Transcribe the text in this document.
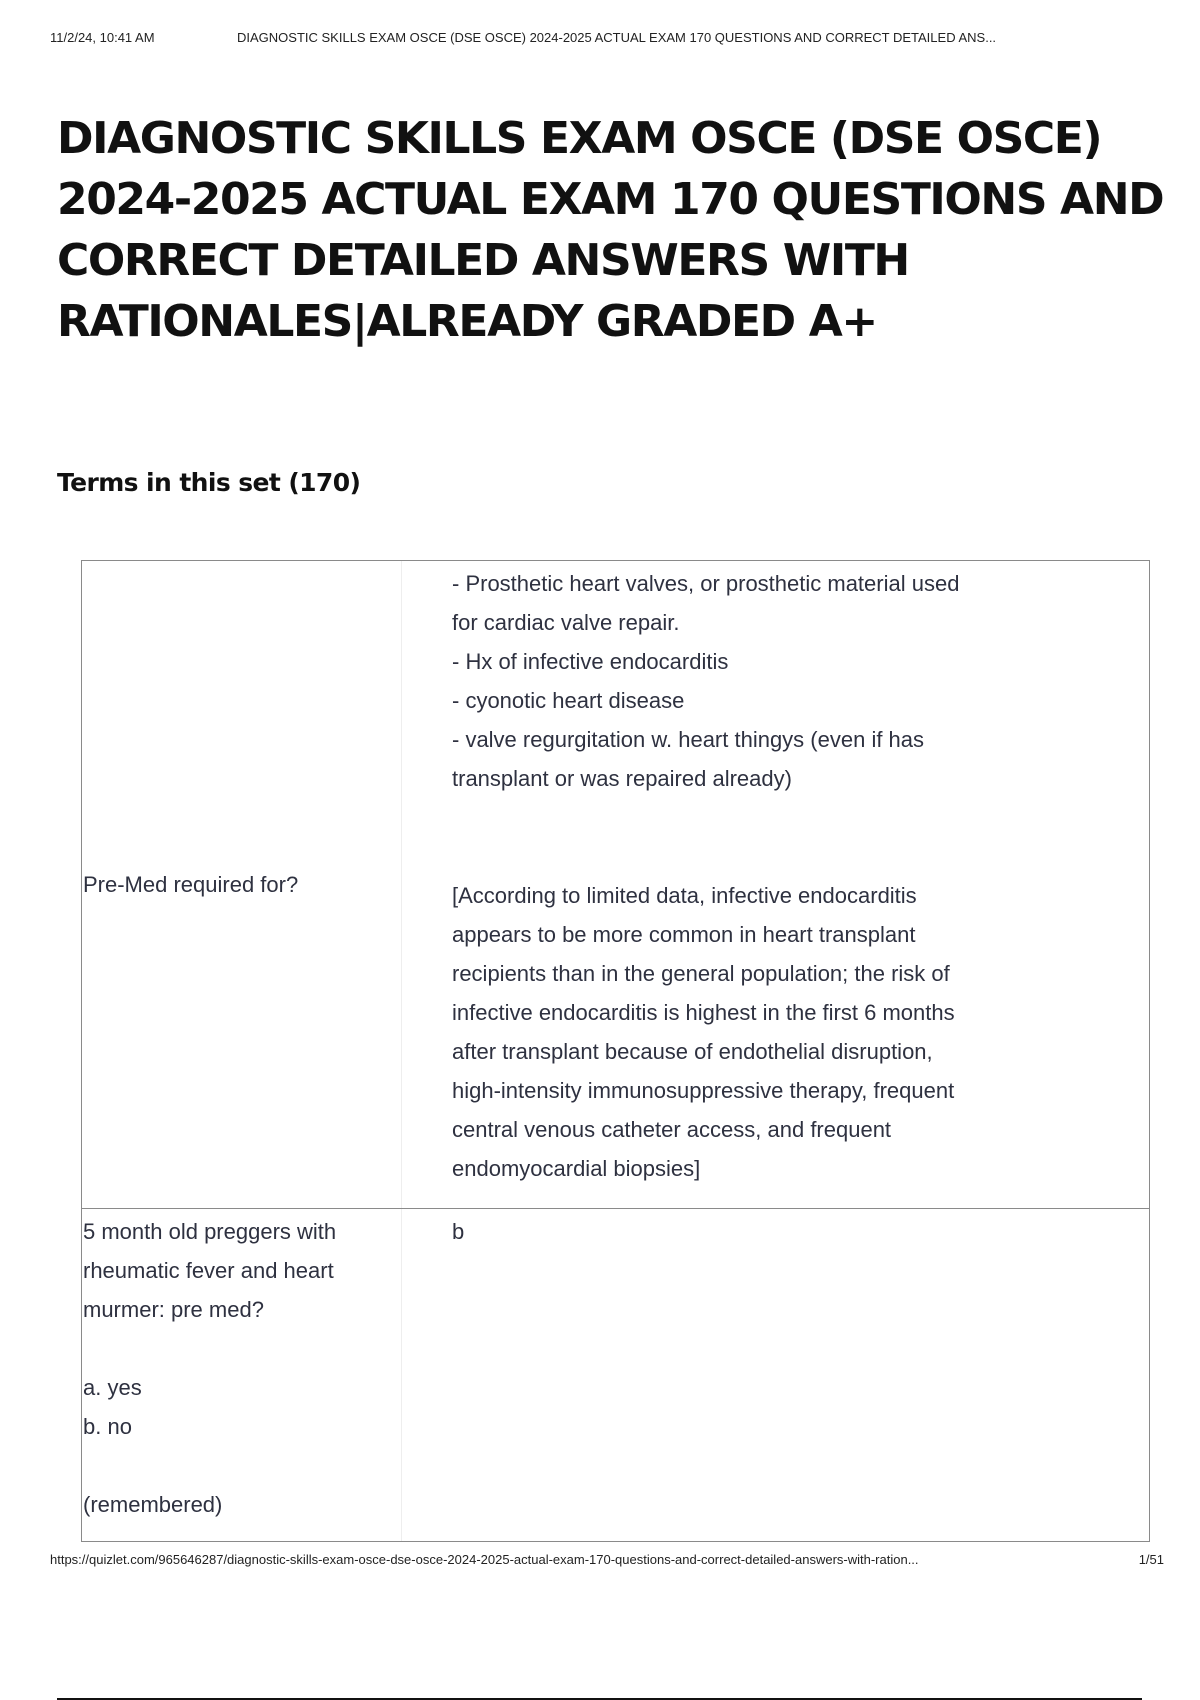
11/2/24, 10:41 AM	DIAGNOSTIC SKILLS EXAM OSCE (DSE OSCE) 2024-2025 ACTUAL EXAM 170 QUESTIONS AND CORRECT DETAILED ANS...
DIAGNOSTIC SKILLS EXAM OSCE (DSE OSCE) 2024-2025 ACTUAL EXAM 170 QUESTIONS AND CORRECT DETAILED ANSWERS WITH RATIONALES|ALREADY GRADED A+
Terms in this set (170)
Pre-Med required for?
- Prosthetic heart valves, or prosthetic material used
for cardiac valve repair.
- Hx of infective endocarditis
- cyonotic heart disease
- valve regurgitation w. heart thingys (even if has
transplant or was repaired already)

[According to limited data, infective endocarditis
appears to be more common in heart transplant
recipients than in the general population; the risk of
infective endocarditis is highest in the first 6 months
after transplant because of endothelial disruption,
high-intensity immunosuppressive therapy, frequent
central venous catheter access, and frequent
endomyocardial biopsies]
5 month old preggers with
rheumatic fever and heart
murmer: pre med?

a. yes
b. no

(remembered)
b
https://quizlet.com/965646287/diagnostic-skills-exam-osce-dse-osce-2024-2025-actual-exam-170-questions-and-correct-detailed-answers-with-ration...	1/51
